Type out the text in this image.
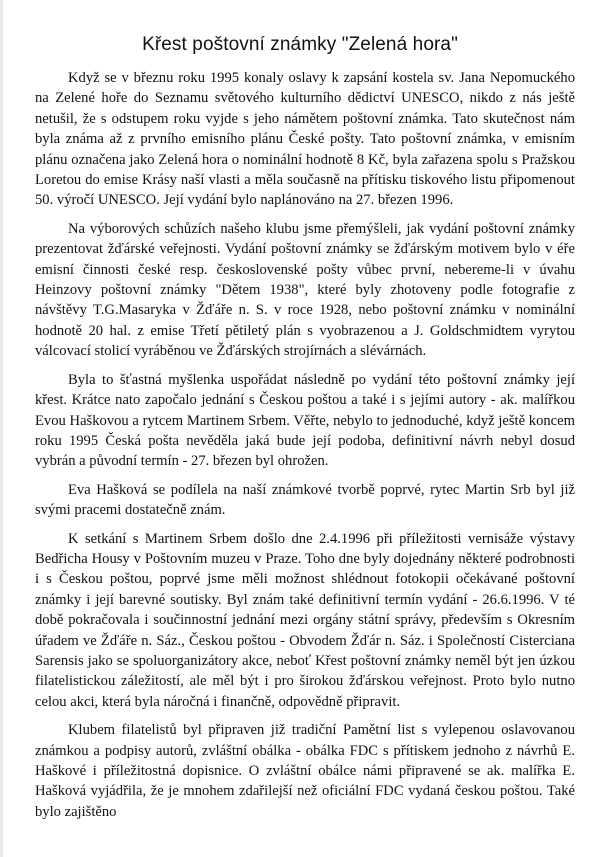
Křest poštovní známky "Zelená hora"

Když se v březnu roku 1995 konaly oslavy k zapsání kostela sv. Jana Nepomuckého na Zelené hoře do Seznamu světového kulturního dědictví UNESCO, nikdo z nás ještě netušil, že s odstupem roku vyjde s jeho námětem poštovní známka. Tato skutečnost nám byla známa až z prvního emisního plánu České pošty. Tato poštovní známka, v emisním plánu označena jako Zelená hora o nominální hodnotě 8 Kč, byla zařazena spolu s Pražskou Loretou do emise Krásy naší vlasti a měla současně na přítisku tiskového listu připomenout 50. výročí UNESCO. Její vydání bylo naplánováno na 27. březen 1996.

Na výborových schůzích našeho klubu jsme přemýšleli, jak vydání poštovní známky prezentovat žďárské veřejnosti. Vydání poštovní známky se žďárským motivem bylo v éře emisní činnosti české resp. československé pošty vůbec první, nebereme-li v úvahu Heinzovy poštovní známky "Dětem 1938", které byly zhotoveny podle fotografie z návštěvy T.G.Masaryka v Žďáře n. S. v roce 1928, nebo poštovní známku v nominální hodnotě 20 hal. z emise Třetí pětiletý plán s vyobrazenou a J. Goldschmidtem vyrytou válcovací stolicí vyráběnou ve Žďárských strojírnách a slévárnách.

Byla to šťastná myšlenka uspořádat následně po vydání této poštovní známky její křest. Krátce nato započalo jednání s Českou poštou a také i s jejími autory - ak. malířkou Evou Haškovou a rytcem Martinem Srbem. Věřte, nebylo to jednoduché, když ještě koncem roku 1995 Česká pošta nevěděla jaká bude její podoba, definitivní návrh nebyl dosud vybrán a původní termín - 27. březen byl ohrožen.

Eva Hašková se podílela na naší známkové tvorbě poprvé, rytec Martin Srb byl již svými pracemi dostatečně znám.

K setkání s Martinem Srbem došlo dne 2.4.1996 při příležitosti vernisáže výstavy Bedřicha Housy v Poštovním muzeu v Praze. Toho dne byly dojednány některé podrobnosti i s Českou poštou, poprvé jsme měli možnost shlédnout fotokopii očekávané poštovní známky i její barevné soutisky. Byl znám také definitivní termín vydání - 26.6.1996. V té době pokračovala i součinnostní jednání mezi orgány státní správy, především s Okresním úřadem ve Žďáře n. Sáz., Českou poštou - Obvodem Žďár n. Sáz. i Společností Cisterciana Sarensis jako se spoluorganizátory akce, neboť Křest poštovní známky neměl být jen úzkou filatelistickou záležitostí, ale měl být i pro širokou žďárskou veřejnost. Proto bylo nutno celou akci, která byla náročná i finančně, odpovědně připravit.

Klubem filatelistů byl připraven již tradiční Pamětní list s vylepenou oslavovanou známkou a podpisy autorů, zvláštní obálka - obálka FDC s přítiskem jednoho z návrhů E. Haškové i příležitostná dopisnice. O zvláštní obálce námi připravené se ak. malířka E. Hašková vyjádřila, že je mnohem zdařilejší než oficiální FDC vydaná českou poštou. Také bylo zajištěno
